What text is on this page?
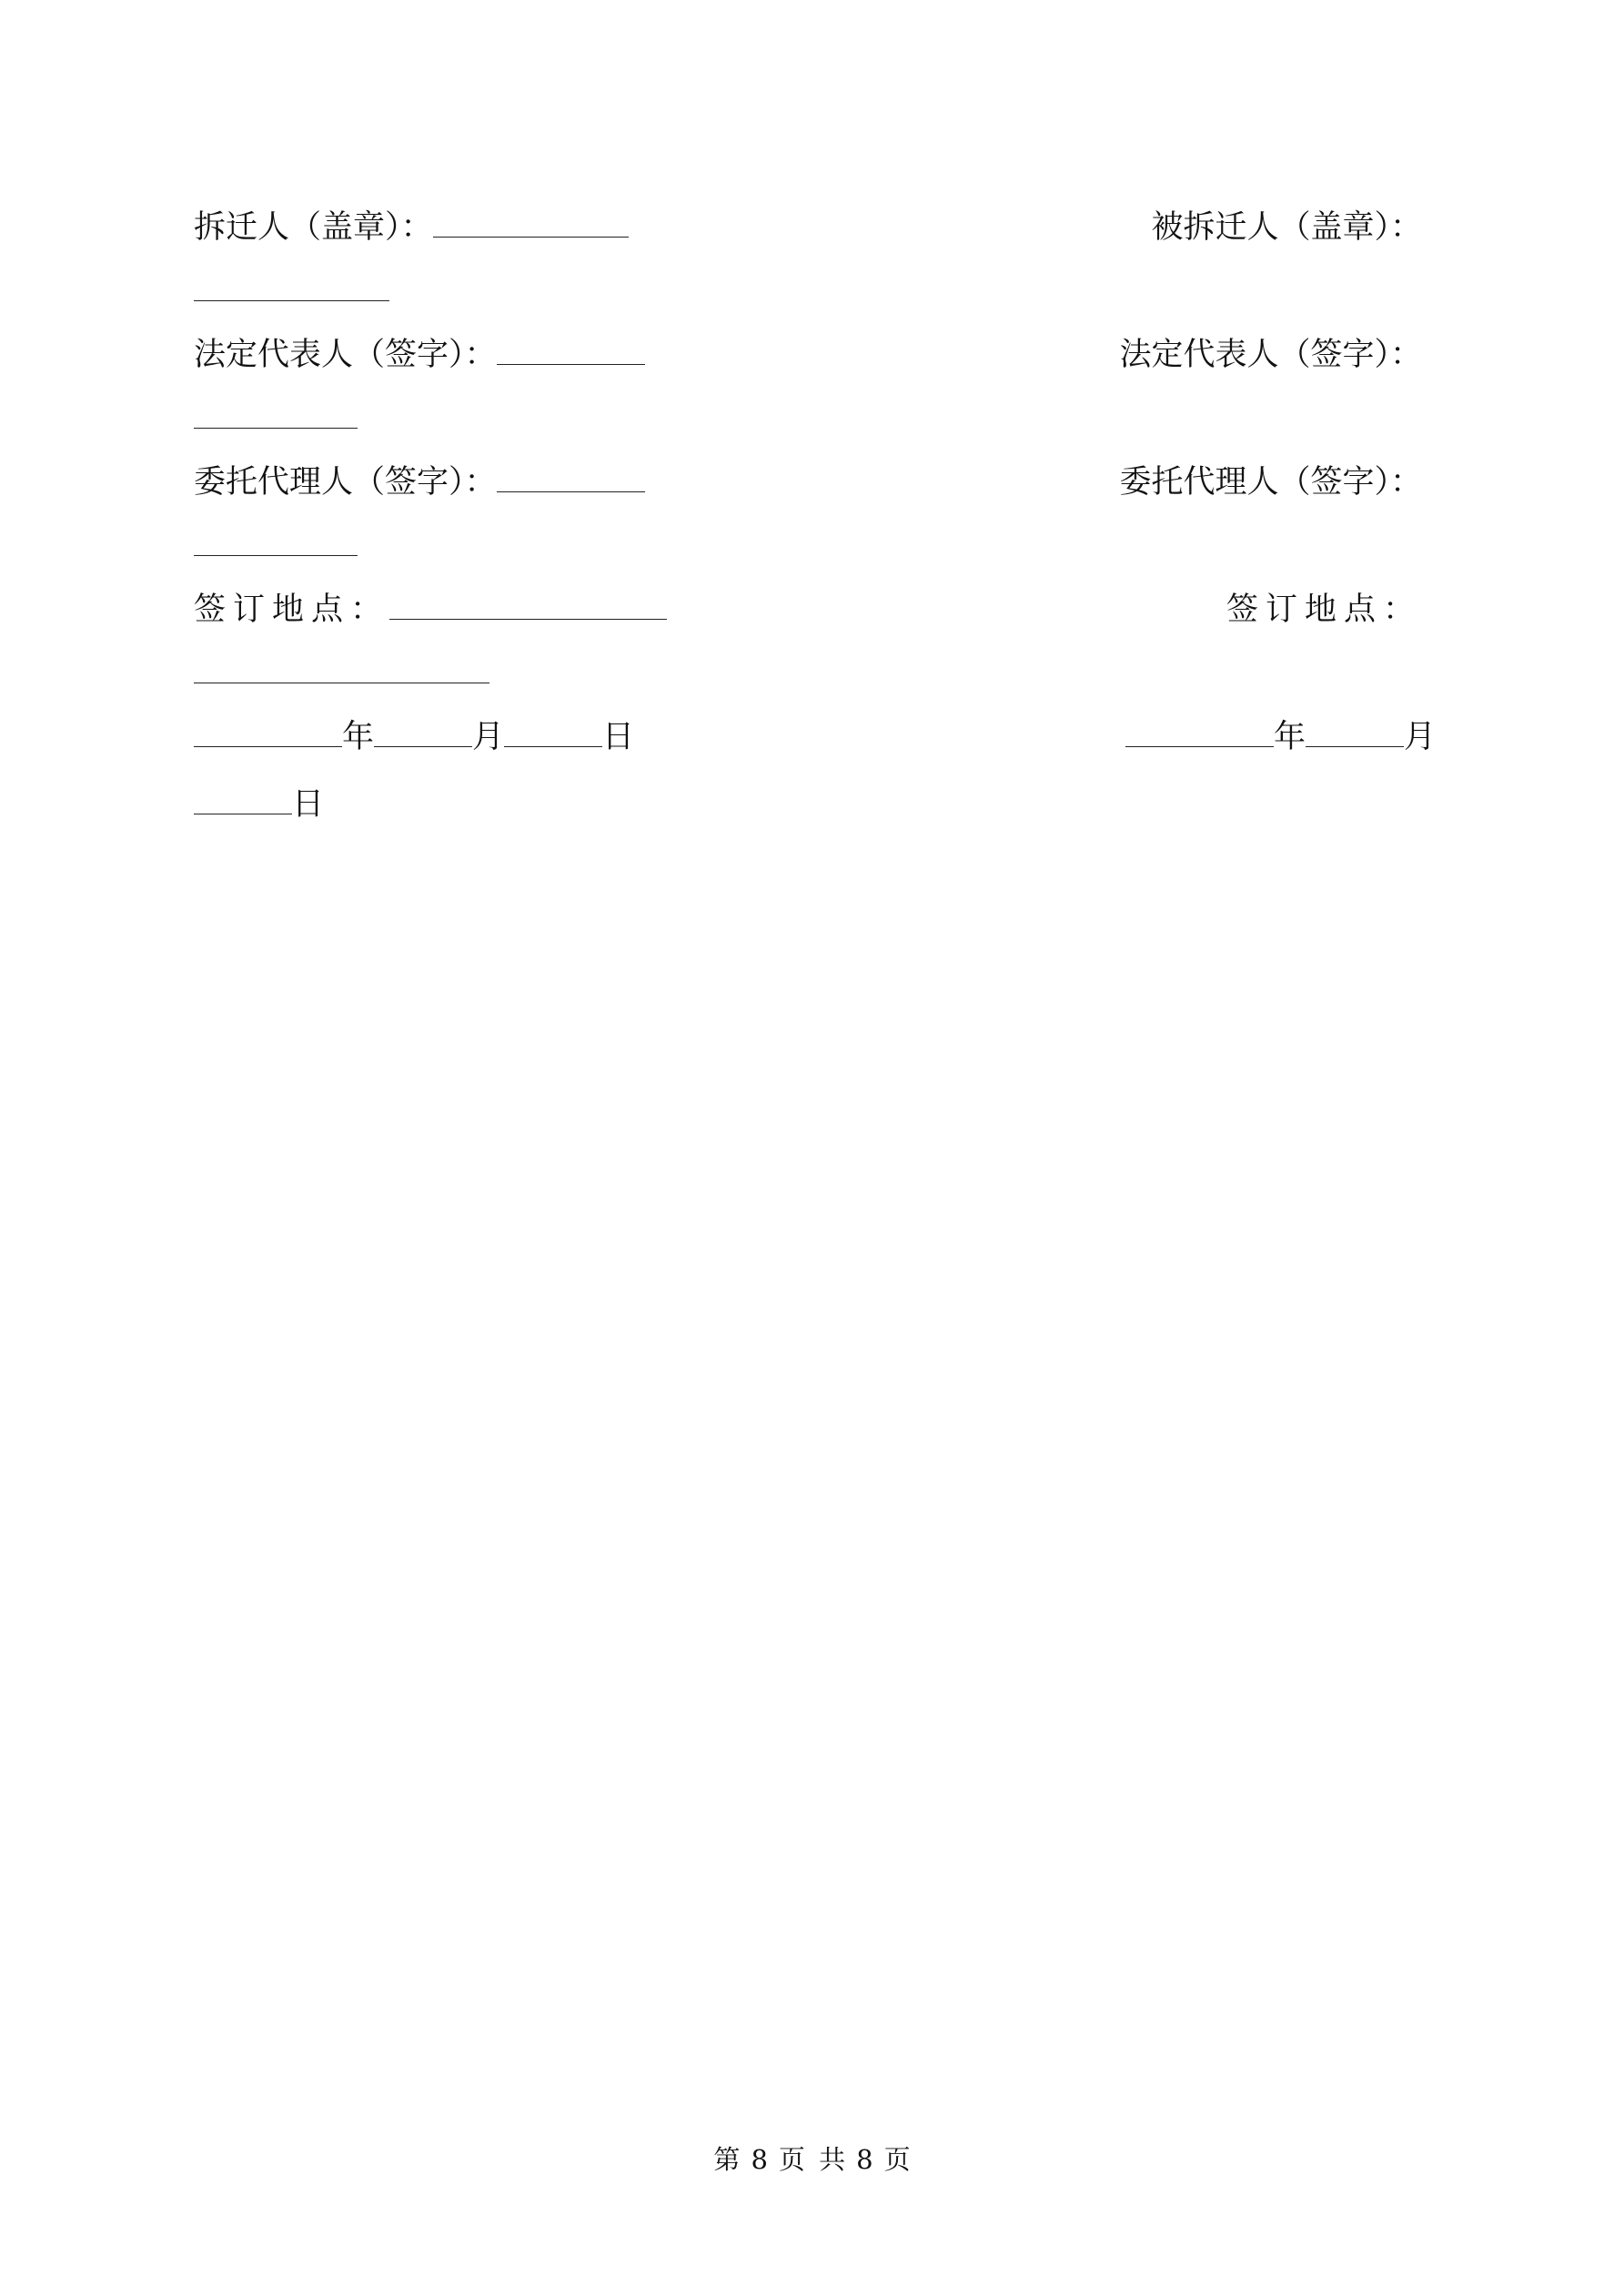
拆迁人（盖章）：	被拆迁人（盖章）：
法定代表人（签字）：	法定代表人（签字）：
委托代理人（签字）：	委托代理人（签字）：
签订地点：	签订地点：
年	月	日	年	月
日
第 8 页 共 8 页
